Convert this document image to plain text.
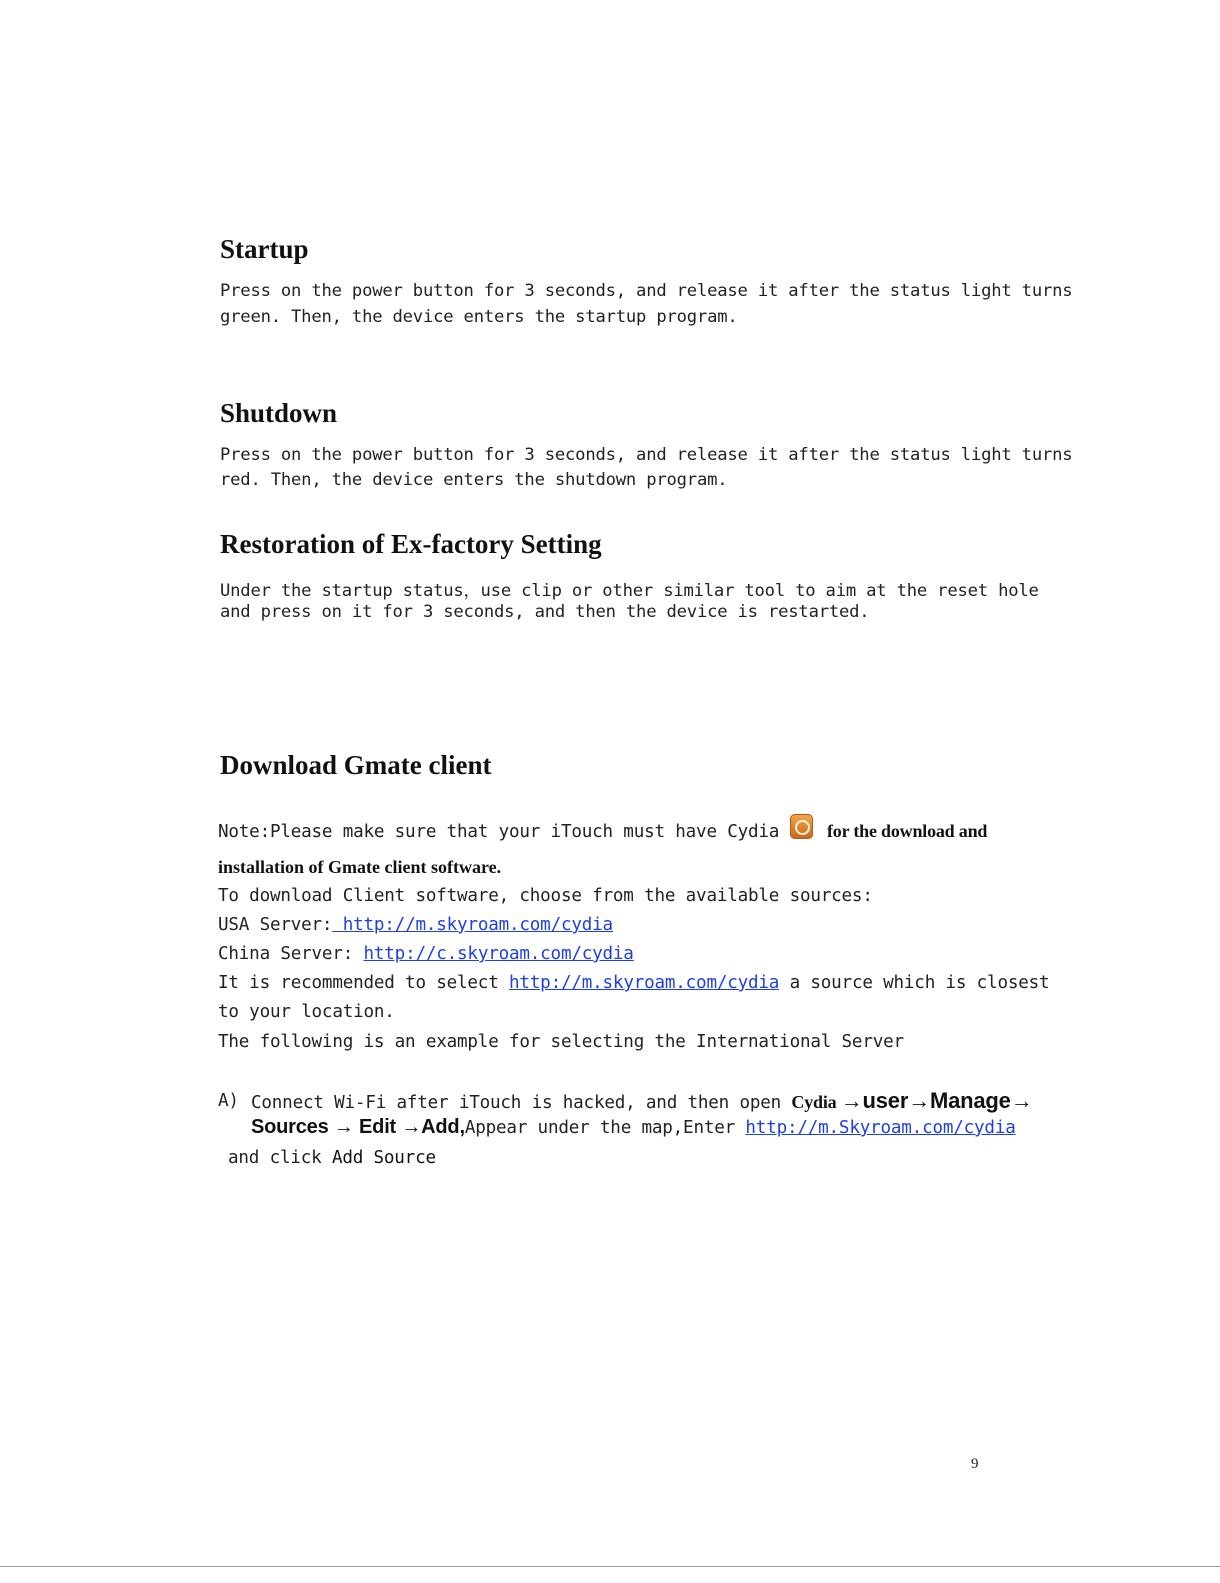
Startup
Press on the power button for 3 seconds, and release it after the status light turns
green. Then, the device enters the startup program.
Shutdown
Press on the power button for 3 seconds, and release it after the status light turns
red. Then, the device enters the shutdown program.
Restoration of Ex-factory Setting
Under the startup status，use clip or other similar tool to aim at the reset hole
and press on it for 3 seconds, and then the device is restarted.
Download Gmate client
Note:Please make sure that your iTouch must have Cydia	for the download and
installation of Gmate client software.
To download Client software, choose from the available sources:
USA Server: http://m.skyroam.com/cydia
China Server: http://c.skyroam.com/cydia
It is recommended to select http://m.skyroam.com/cydia a source which is closest
to your location.
The following is an example for selecting the International Server
A) Connect Wi-Fi after iTouch is hacked, and then open Cydia →user→Manage→
Sources → Edit →Add,Appear under the map,Enter http://m.Skyroam.com/cydia
and click Add Source
9
